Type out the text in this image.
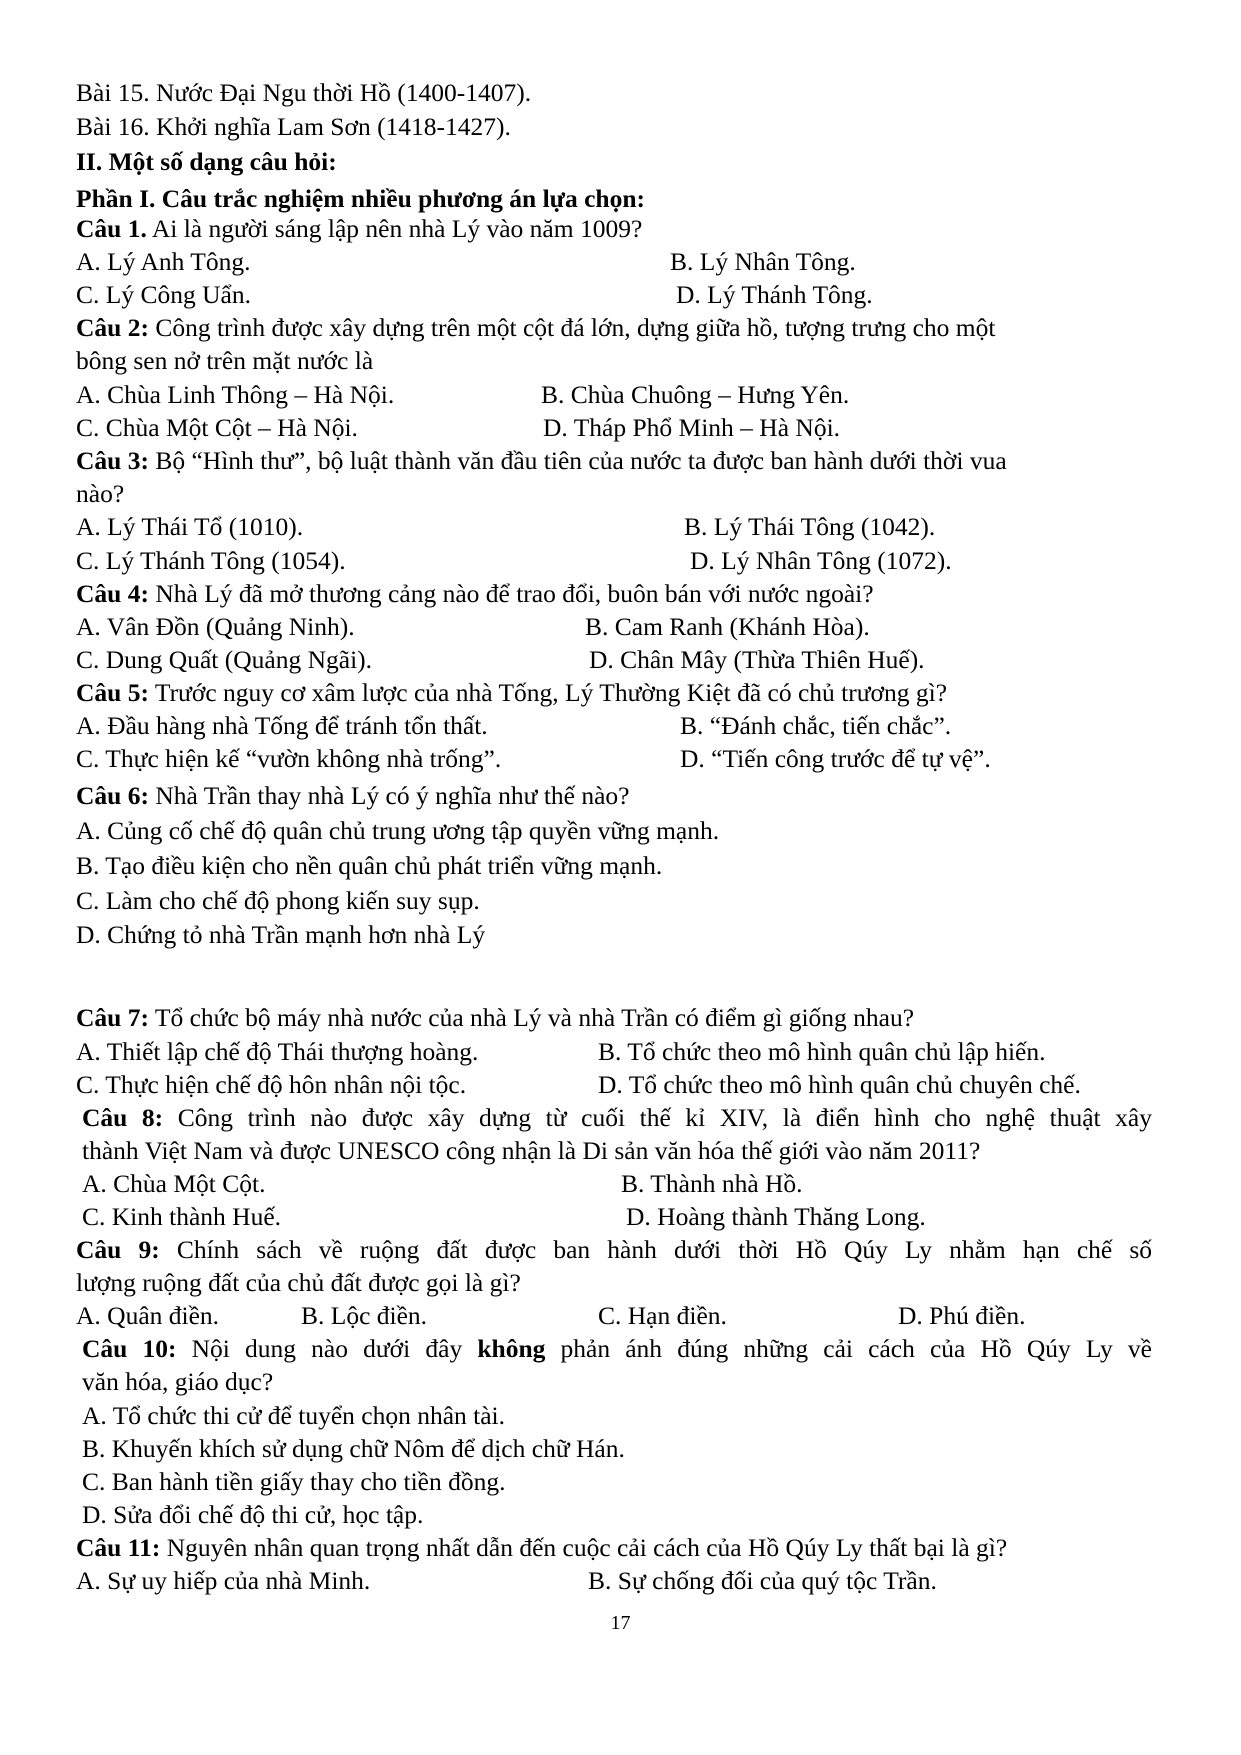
Bài 15. Nước Đại Ngu thời Hồ (1400-1407).
Bài 16. Khởi nghĩa Lam Sơn (1418-1427).
II. Một số dạng câu hỏi:
Phần I. Câu trắc nghiệm nhiều phương án lựa chọn:
Câu 1. Ai là người sáng lập nên nhà Lý vào năm 1009?
A. Lý Anh Tông.	B. Lý Nhân Tông.
C. Lý Công Uẩn.	D. Lý Thánh Tông.
Câu 2: Công trình được xây dựng trên một cột đá lớn, dựng giữa hồ, tượng trưng cho một
bông sen nở trên mặt nước là
A. Chùa Linh Thông – Hà Nội.	B. Chùa Chuông – Hưng Yên.
C. Chùa Một Cột – Hà Nội.	D. Tháp Phổ Minh – Hà Nội.
Câu 3: Bộ “Hình thư”, bộ luật thành văn đầu tiên của nước ta được ban hành dưới thời vua
nào?
A. Lý Thái Tổ (1010).	B. Lý Thái Tông (1042).
C. Lý Thánh Tông (1054).	D. Lý Nhân Tông (1072).
Câu 4: Nhà Lý đã mở thương cảng nào để trao đổi, buôn bán với nước ngoài?
A. Vân Đồn (Quảng Ninh).	B. Cam Ranh (Khánh Hòa).
C. Dung Quất (Quảng Ngãi).	D. Chân Mây (Thừa Thiên Huế).
Câu 5: Trước nguy cơ xâm lược của nhà Tống, Lý Thường Kiệt đã có chủ trương gì?
A. Đầu hàng nhà Tống để tránh tổn thất.	B. “Đánh chắc, tiến chắc”.
C. Thực hiện kế “vườn không nhà trống”.	D. “Tiến công trước để tự vệ”.
Câu 6: Nhà Trần thay nhà Lý có ý nghĩa như thế nào?
A. Củng cố chế độ quân chủ trung ương tập quyền vững mạnh.
B. Tạo điều kiện cho nền quân chủ phát triển vững mạnh.
C. Làm cho chế độ phong kiến suy sụp.
D. Chứng tỏ nhà Trần mạnh hơn nhà Lý
Câu 7: Tổ chức bộ máy nhà nước của nhà Lý và nhà Trần có điểm gì giống nhau?
A. Thiết lập chế độ Thái thượng hoàng.	B. Tổ chức theo mô hình quân chủ lập hiến.
C. Thực hiện chế độ hôn nhân nội tộc.	D. Tổ chức theo mô hình quân chủ chuyên chế.
Câu 8: Công trình nào được xây dựng từ cuối thế kỉ XIV, là điển hình cho nghệ thuật xây
thành Việt Nam và được UNESCO công nhận là Di sản văn hóa thế giới vào năm 2011?
A. Chùa Một Cột.	B. Thành nhà Hồ.
C. Kinh thành Huế.	D. Hoàng thành Thăng Long.
Câu 9: Chính sách về ruộng đất được ban hành dưới thời Hồ Qúy Ly nhằm hạn chế số
lượng ruộng đất của chủ đất được gọi là gì?
A. Quân điền.	B. Lộc điền.	C. Hạn điền.	D. Phú điền.
Câu 10: Nội dung nào dưới đây không phản ánh đúng những cải cách của Hồ Qúy Ly về
văn hóa, giáo dục?
A. Tổ chức thi cử để tuyển chọn nhân tài.
B. Khuyến khích sử dụng chữ Nôm để dịch chữ Hán.
C. Ban hành tiền giấy thay cho tiền đồng.
D. Sửa đổi chế độ thi cử, học tập.
Câu 11: Nguyên nhân quan trọng nhất dẫn đến cuộc cải cách của Hồ Qúy Ly thất bại là gì?
A. Sự uy hiếp của nhà Minh.	B. Sự chống đối của quý tộc Trần.
17
